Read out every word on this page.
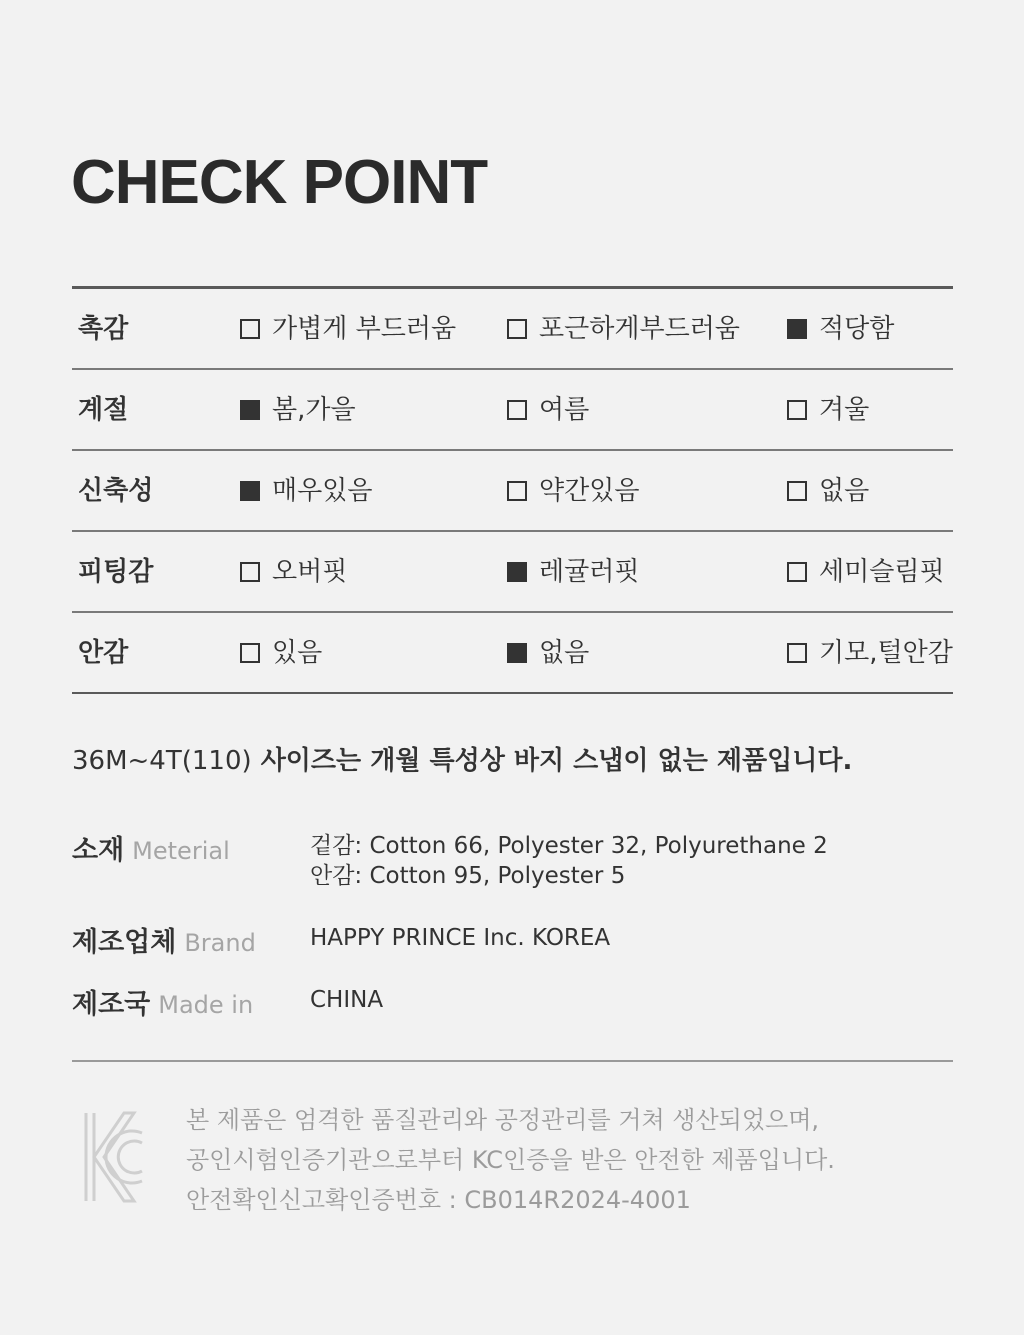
CHECK POINT
촉감	가볍게 부드러움	포근하게부드러움	적당함
계절	봄,가을	여름	겨울
신축성	매우있음	약간있음	없음
피팅감	오버핏	레귤러핏	세미슬림핏
안감	있음	없음	기모,털안감
36M~4T(110) 사이즈는 개월 특성상 바지 스냅이 없는 제품입니다.
소재 Meterial	겉감: Cotton 66, Polyester 32, Polyurethane 2
안감: Cotton 95, Polyester 5
제조업체 Brand HAPPY PRINCE Inc. KOREA
제조국 Made in CHINA
본 제품은 엄격한 품질관리와 공정관리를 거쳐 생산되었으며,
공인시험인증기관으로부터 KC인증을 받은 안전한 제품입니다.
안전확인신고확인증번호 : CB014R2024-4001
